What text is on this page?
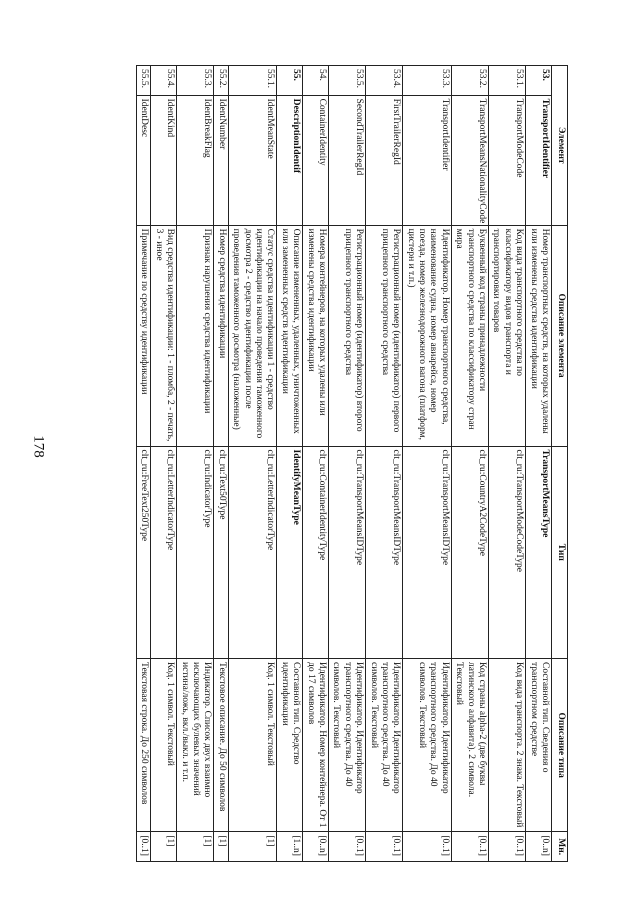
178
Элемент		Описание элемента	Тип	Описание типа	Мн.
53.	TransportIdentifier	Номер транспортных средств, на которых удалены или изменены средства идентификации	TransportMeansType	Составной тип. Сведения о транспортном средстве	[0..n]
53.1.	TransportModeCode	Код вида транспортного средства по классификатору видов транспорта и транспортировки товаров	clt_ru:TransportModeCodeType	Код вида транспорта. 2 знака. Текстовый	[0..1]
53.2.	TransportMeansNationalityCode	Буквенный код страны принадлежности транспортного средства по классификатору стран мира	clt_ru:CountryA2CodeType	Код страны alpha-2 (две буквы латинского алфавита). 2 символа. Текстовый	[0..1]
53.3.	TransportIdentifier	Идентификатор. Номер транспортного средства, наименование судна, номер авиарейса, номер поезда, номер железнодорожного вагона (платформ, цистерн и т.п.)	clt_ru:TransportMeansIDType	Идентификатор. Идентификатор транспортного средства. До 40 символов. Текстовый	[0..1]
53.4.	FirstTrailerRegId	Регистрационный номер (идентификатор) первого прицепного транспортного средства	clt_ru:TransportMeansIDType	Идентификатор. Идентификатор транспортного средства. До 40 символов. Текстовый	[0..1]
53.5.	SecondTrailerRegId	Регистрационный номер (идентификатор) второго прицепного транспортного средства	clt_ru:TransportMeansIDType	Идентификатор. Идентификатор транспортного средства. До 40 символов. Текстовый	[0..1]
54.	ContainerIdentity	Номера контейнеров, на которых удалены или изменены средства идентификации	clt_ru:ContainerIdentityType	Идентификатор. Номер контейнера. От 1 до 17 символов	[0..n]
55.	DescriptionIdentif	Описание измененных, удаленных, уничтоженных или замененных средств идентификации	IdentifyMeanType	Составной тип. Средство идентификации	[1..n]
55.1.	IdentMeanState	Статус средства идентификации 1 - средство идентификации на начало проведения таможенного досмотра 2 - средство идентификации после проведения таможенного досмотра (наложенные)	clt_ru:LetterIndicatorType	Код. 1 символ. Текстовый	[1]
55.2.	IdentNumber	Номер средства идентификации	clt_ru:Text50Type	Текстовое описание. До 50 символов	[1]
55.3.	IdentBreakFlag	Признак нарушения средства идентификации	clt_ru:IndicatorType	Индикатор. Список двух взаимно исключающих булевых значений истина/ложь, вкл./выкл. и т.п.	[1]
55.4.	IdentKind	Вид средства идентификации: 1 - пломба, 2 - печать, 3 - иное	clt_ru:LetterIndicatorType	Код. 1 символ. Текстовый	[1]
55.5.	IdentDesc	Примечание по средству идентификации	clt_ru:FreeText250Type	Текстовая строка. До 250 символов	[0..1]
